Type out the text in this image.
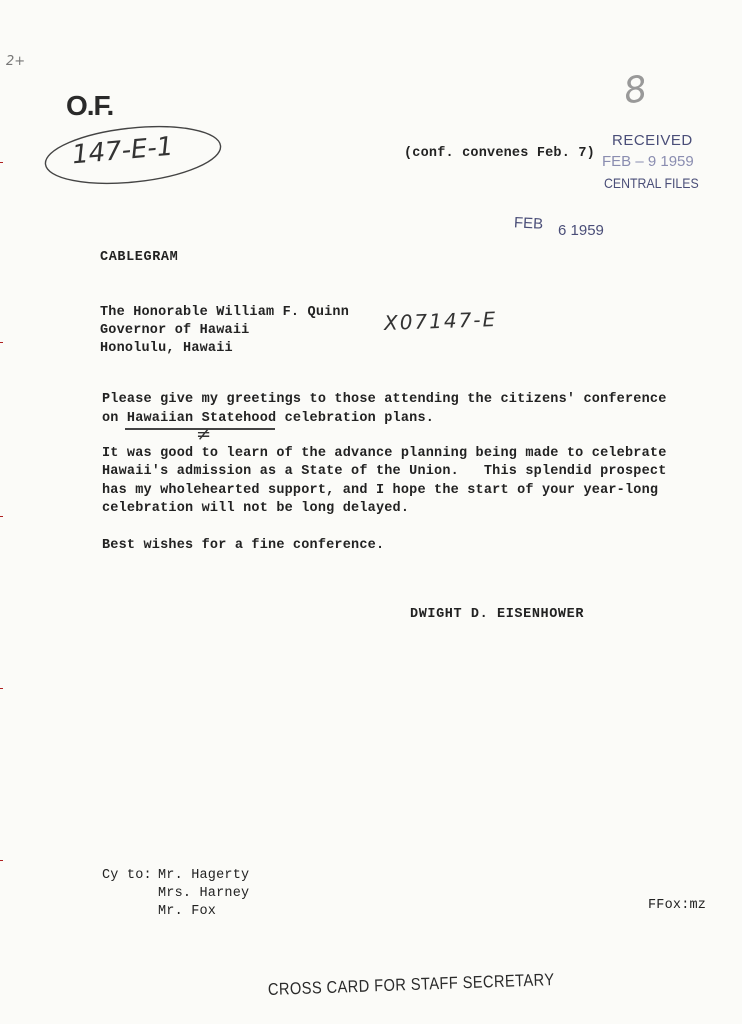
2+
O.F.
147-E-1
8
(conf. convenes Feb. 7)
RECEIVED
FEB – 9 1959
CENTRAL FILES
FEB 6 1959
CABLEGRAM
The Honorable William F. Quinn
Governor of Hawaii
Honolulu, Hawaii
X07147-E
Please give my greetings to those attending the citizens' conference
on Hawaiian Statehood celebration plans.
≠
It was good to learn of the advance planning being made to celebrate
Hawaii's admission as a State of the Union.   This splendid prospect
has my wholehearted support, and I hope the start of your year-long
celebration will not be long delayed.
Best wishes for a fine conference.
DWIGHT D. EISENHOWER
Cy to: Mr. Hagerty
Mrs. Harney
Mr. Fox	FFox:mz
CROSS CARD FOR STAFF SECRETARY
